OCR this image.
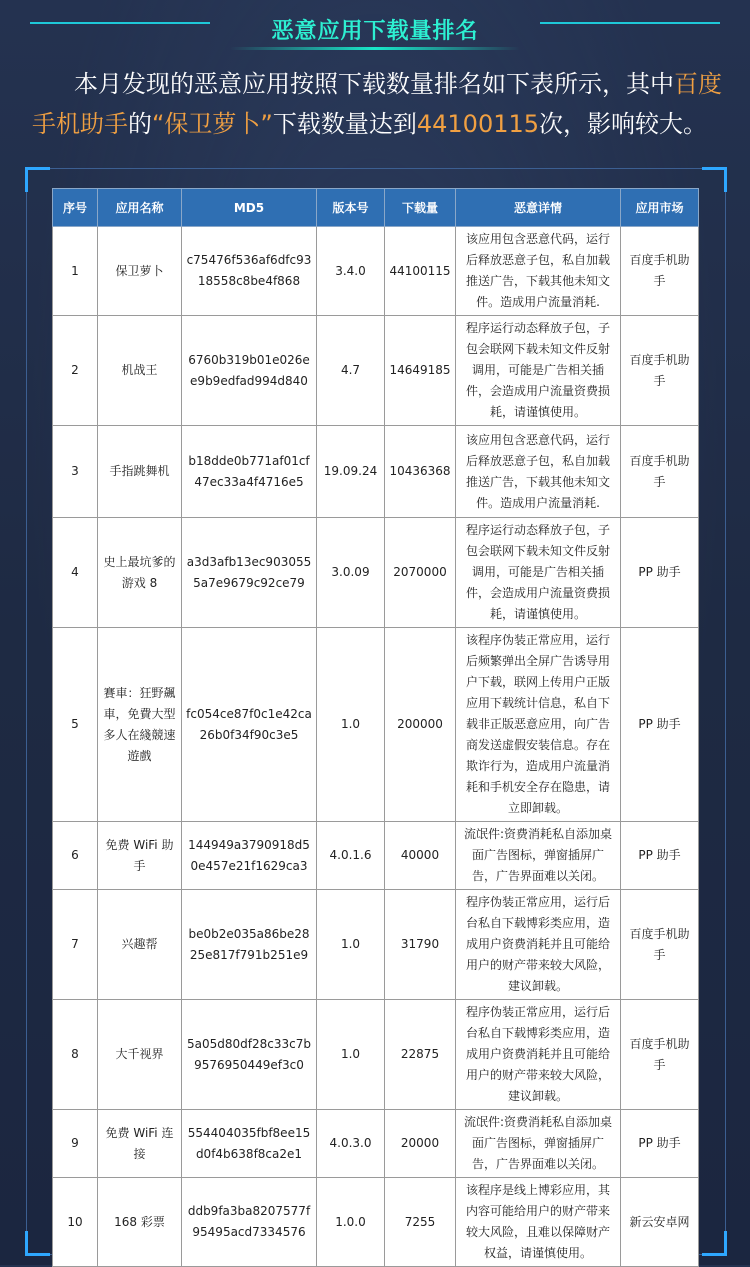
恶意应用下载量排名
本月发现的恶意应用按照下载数量排名如下表所示，其中百度手机助手的“保卫萝卜”下载数量达到44100115次，影响较大。
序号	应用名称	MD5	版本号	下载量	恶意详情	应用市场
1	保卫萝卜	c75476f536af6dfc9318558c8be4f868	3.4.0	44100115	该应用包含恶意代码，运行后释放恶意子包，私自加载推送广告，下载其他未知文件。造成用户流量消耗.	百度手机助手
2	机战王	6760b319b01e026ee9b9edfad994d840	4.7	14649185	程序运行动态释放子包，子包会联网下载未知文件反射调用，可能是广告相关插件，会造成用户流量资费损耗，请谨慎使用。	百度手机助手
3	手指跳舞机	b18dde0b771af01cf47ec33a4f4716e5	19.09.24	10436368	该应用包含恶意代码，运行后释放恶意子包，私自加载推送广告，下载其他未知文件。造成用户流量消耗.	百度手机助手
4	史上最坑爹的游戏 8	a3d3afb13ec9030555a7e9679c92ce79	3.0.09	2070000	程序运行动态释放子包，子包会联网下载未知文件反射调用，可能是广告相关插件，会造成用户流量资费损耗，请谨慎使用。	PP 助手
5	賽車：狂野飆車，免費大型多人在綫競速遊戲	fc054ce87f0c1e42ca26b0f34f90c3e5	1.0	200000	该程序伪装正常应用，运行后频繁弹出全屏广告诱导用户下载，联网上传用户正版应用下载统计信息，私自下载非正版恶意应用，向广告商发送虚假安装信息。存在欺诈行为，造成用户流量消耗和手机安全存在隐患，请立即卸载。	PP 助手
6	免费 WiFi 助手	144949a3790918d50e457e21f1629ca3	4.0.1.6	40000	流氓件:资费消耗私自添加桌面广告图标，弹窗插屏广告，广告界面难以关闭。	PP 助手
7	兴趣帮	be0b2e035a86be2825e817f791b251e9	1.0	31790	程序伪装正常应用，运行后台私自下载博彩类应用，造成用户资费消耗并且可能给用户的财产带来较大风险，建议卸载。	百度手机助手
8	大千视界	5a05d80df28c33c7b9576950449ef3c0	1.0	22875	程序伪装正常应用，运行后台私自下载博彩类应用，造成用户资费消耗并且可能给用户的财产带来较大风险，建议卸载。	百度手机助手
9	免费 WiFi 连接	554404035fbf8ee15d0f4b638f8ca2e1	4.0.3.0	20000	流氓件:资费消耗私自添加桌面广告图标，弹窗插屏广告，广告界面难以关闭。	PP 助手
10	168 彩票	ddb9fa3ba8207577f95495acd7334576	1.0.0	7255	该程序是线上博彩应用，其内容可能给用户的财产带来较大风险，且难以保障财产权益，请谨慎使用。	新云安卓网
